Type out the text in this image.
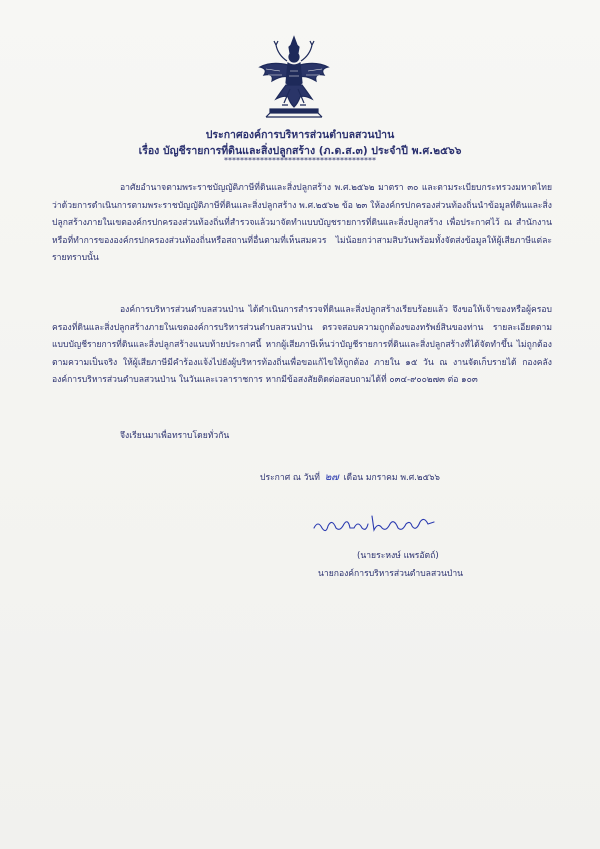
ประกาศองค์การบริหารส่วนตำบลสวนป่าน
เรื่อง บัญชีรายการที่ดินและสิ่งปลูกสร้าง (ภ.ด.ส.๓) ประจำปี พ.ศ.๒๕๖๖
**************************************
อาศัยอำนาจตามพระราชบัญญัติภาษีที่ดินและสิ่งปลูกสร้าง พ.ศ.๒๕๖๒ มาตรา ๓๐ และตามระเบียบกระทรวงมหาดไทย ว่าด้วยการดำเนินการตามพระราชบัญญัติภาษีที่ดินและสิ่งปลูกสร้าง พ.ศ.๒๕๖๒ ข้อ ๒๓ ให้องค์กรปกครองส่วนท้องถิ่นนำข้อมูลที่ดินและสิ่งปลูกสร้างภายในเขตองค์กรปกครองส่วนท้องถิ่นที่สำรวจแล้วมาจัดทำแบบบัญชรายการที่ดินและสิ่งปลูกสร้าง เพื่อประกาศไว้ ณ สำนักงานหรือที่ทำการขององค์กรปกครองส่วนท้องถิ่นหรือสถานที่อื่นตามที่เห็นสมควร ไม่น้อยกว่าสามสิบวันพร้อมทั้งจัดส่งข้อมูลให้ผู้เสียภาษีแต่ละรายทราบนั้น
องค์การบริหารส่วนตำบลสวนป่าน ได้ดำเนินการสำรวจที่ดินและสิ่งปลูกสร้างเรียบร้อยแล้ว จึงขอให้เจ้าของหรือผู้ครอบครองที่ดินและสิ่งปลูกสร้างภายในเขตองค์การบริหารส่วนตำบลสวนป่าน ตรวจสอบความถูกต้องของทรัพย์สินของท่าน รายละเอียดตามแบบบัญชีรายการที่ดินและสิ่งปลูกสร้างแนบท้ายประกาศนี้ หากผู้เสียภาษีเห็นว่าบัญชีรายการที่ดินและสิ่งปลูกสร้างที่ได้จัดทำขึ้น ไม่ถูกต้องตามความเป็นจริง ให้ผู้เสียภาษีมีคำร้องแจ้งไปยังผู้บริหารท้องถิ่นเพื่อขอแก้ไขให้ถูกต้อง ภายใน ๑๕ วัน ณ งานจัดเก็บรายได้ กองคลัง องค์การบริหารส่วนตำบลสวนป่าน ในวันและเวลาราชการ หากมีข้อสงสัยติดต่อสอบถามได้ที่ ๐๓๔-๙๐๐๒๗๓ ต่อ ๑๐๓
จึงเรียนมาเพื่อทราบโดยทั่วกัน
ประกาศ ณ วันที่ ๒๗ เดือน มกราคม พ.ศ.๒๕๖๖
(นายระหงษ์ แพรอัตถ์)
นายกองค์การบริหารส่วนตำบลสวนป่าน
